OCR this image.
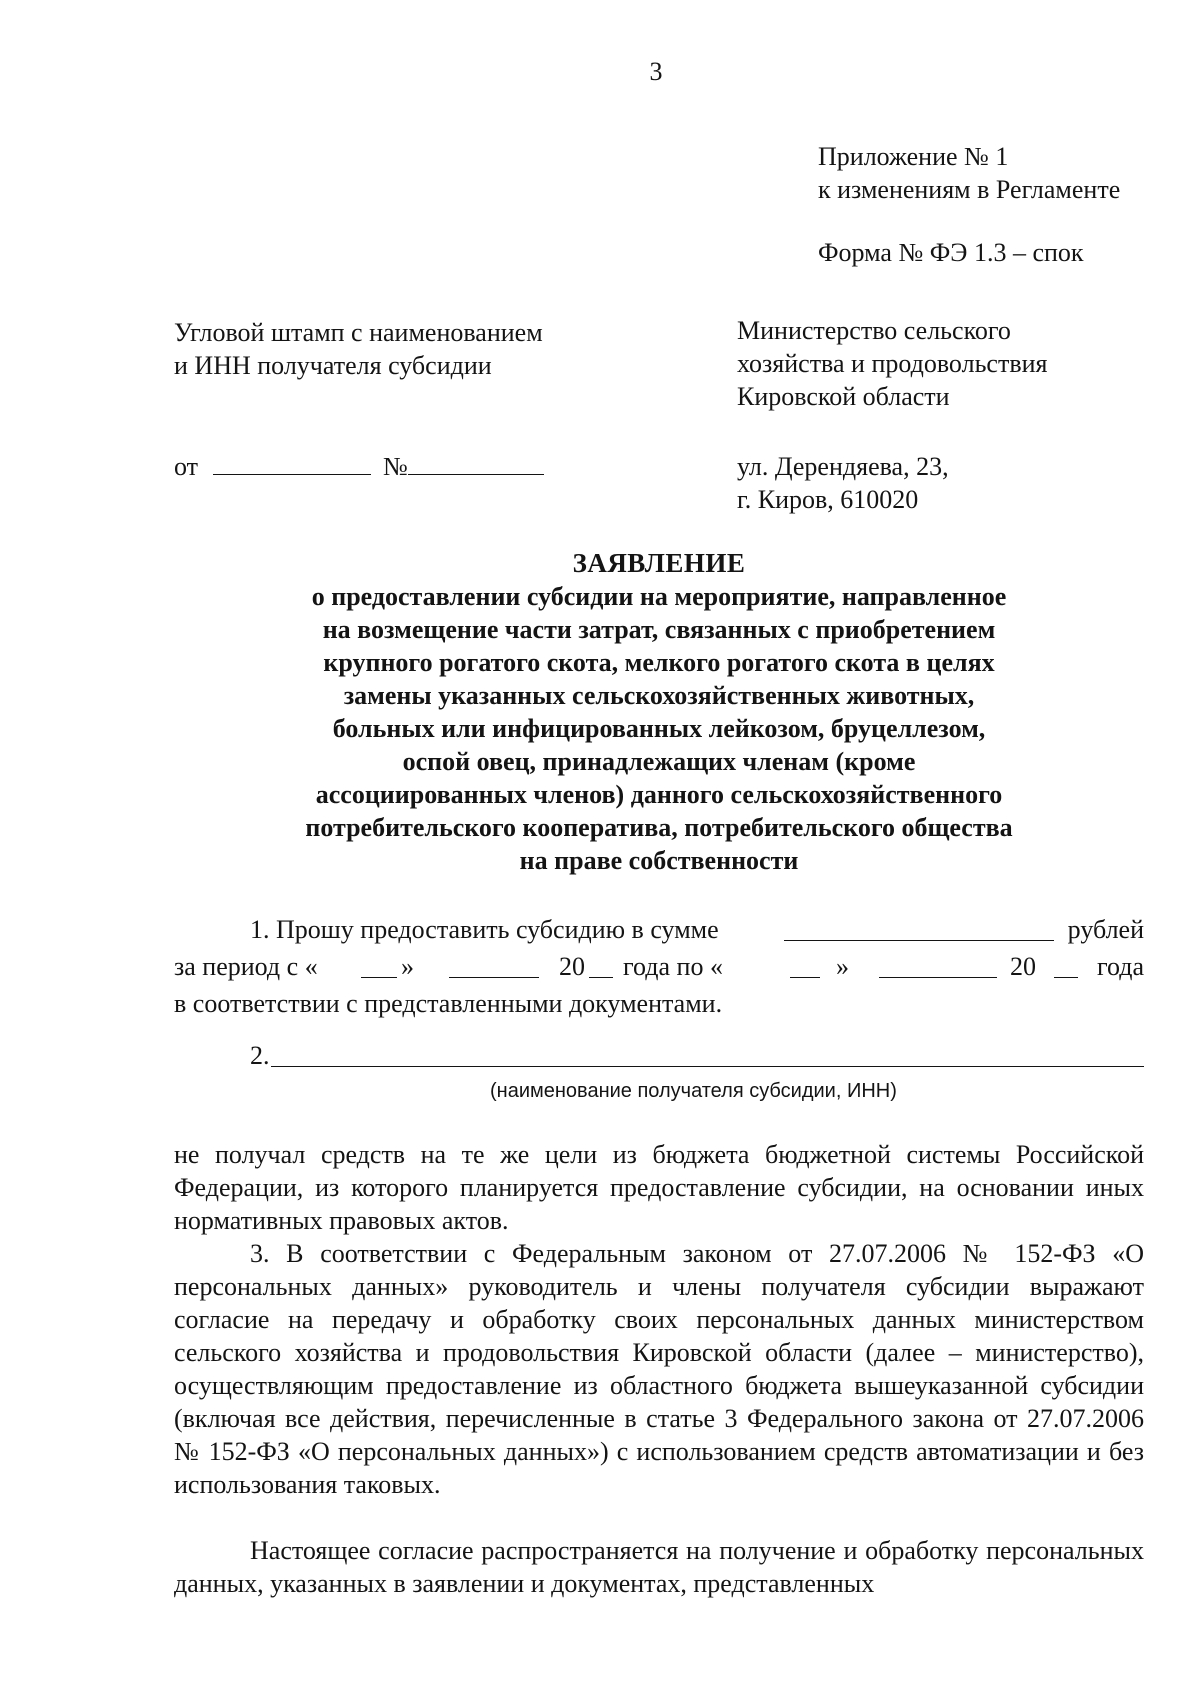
3
Приложение № 1
к изменениям в Регламенте
Форма № ФЭ 1.3 – спок
Угловой штамп с наименованием
и ИНН получателя субсидии
Министерство сельского
хозяйства и продовольствия
Кировской области
от	№	ул. Дерендяева, 23,
г. Киров, 610020
ЗАЯВЛЕНИЕ
о предоставлении субсидии на мероприятие, направленное
на возмещение части затрат, связанных с приобретением
крупного рогатого скота, мелкого рогатого скота в целях
замены указанных сельскохозяйственных животных,
больных или инфицированных лейкозом, бруцеллезом,
оспой овец, принадлежащих членам (кроме
ассоциированных членов) данного сельскохозяйственного
потребительского кооператива, потребительского общества
на праве собственности
1. Прошу предоставить субсидию в сумме	рублей
за период с «	»	20 года по «	»	20 года
в соответствии с представленными документами.
2.
(наименование получателя субсидии, ИНН)

не получал средств на те же цели из бюджета бюджетной системы Российской Федерации, из которого планируется предоставление субсидии, на основании иных нормативных правовых актов.

3. В соответствии с Федеральным законом от 27.07.2006 № 152-ФЗ «О персональных данных» руководитель и члены получателя субсидии выражают согласие на передачу и обработку своих персональных данных министерством сельского хозяйства и продовольствия Кировской области (далее – министерство), осуществляющим предоставление из областного бюджета вышеуказанной субсидии (включая все действия, перечисленные в статье 3 Федерального закона от 27.07.2006 № 152-ФЗ «О персональных данных») с использованием средств автоматизации и без использования таковых.

Настоящее согласие распространяется на получение и обработку персональных данных, указанных в заявлении и документах, представленных
